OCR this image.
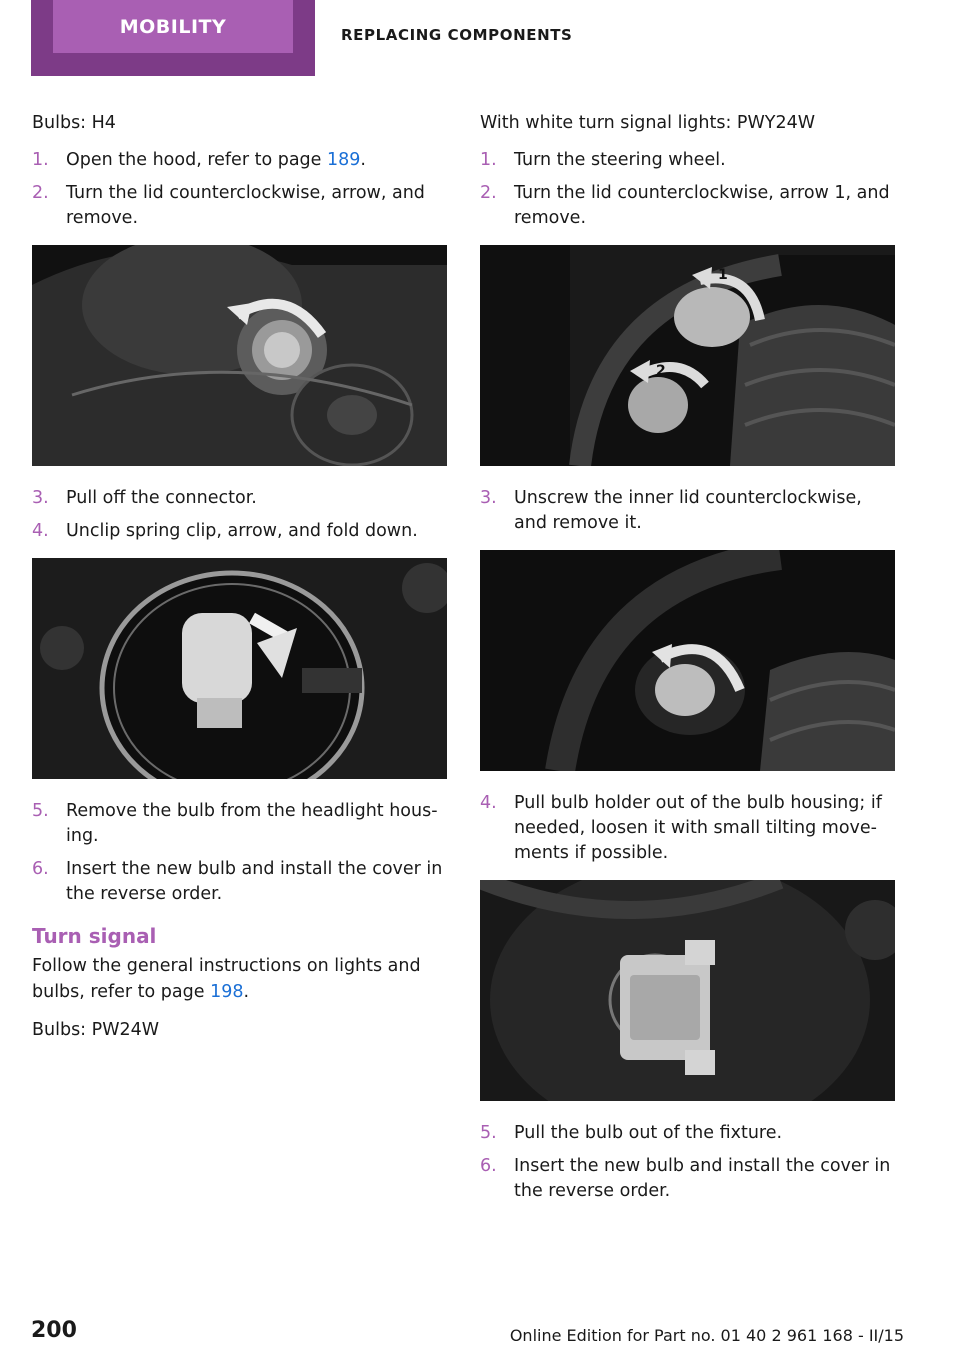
MOBILITY	REPLACING COMPONENTS

Bulbs: H4

1. Open the hood, refer to page 189.
2. Turn the lid counterclockwise, arrow, and remove.
3. Pull off the connector.
4. Unclip spring clip, arrow, and fold down.
5. Remove the bulb from the headlight hous‐ing.
6. Insert the new bulb and install the cover in the reverse order.
Turn signal

Follow the general instructions on lights and bulbs, refer to page 198.

Bulbs: PW24W

With white turn signal lights: PWY24W

1. Turn the steering wheel.
2. Turn the lid counterclockwise, arrow 1, and remove.
1
2
3. Unscrew the inner lid counterclockwise, and remove it.
4. Pull bulb holder out of the bulb housing; if needed, loosen it with small tilting move‐ments if possible.
5. Pull the bulb out of the fixture.
6. Insert the new bulb and install the cover in the reverse order.
200	Online Edition for Part no. 01 40 2 961 168 - II/15
